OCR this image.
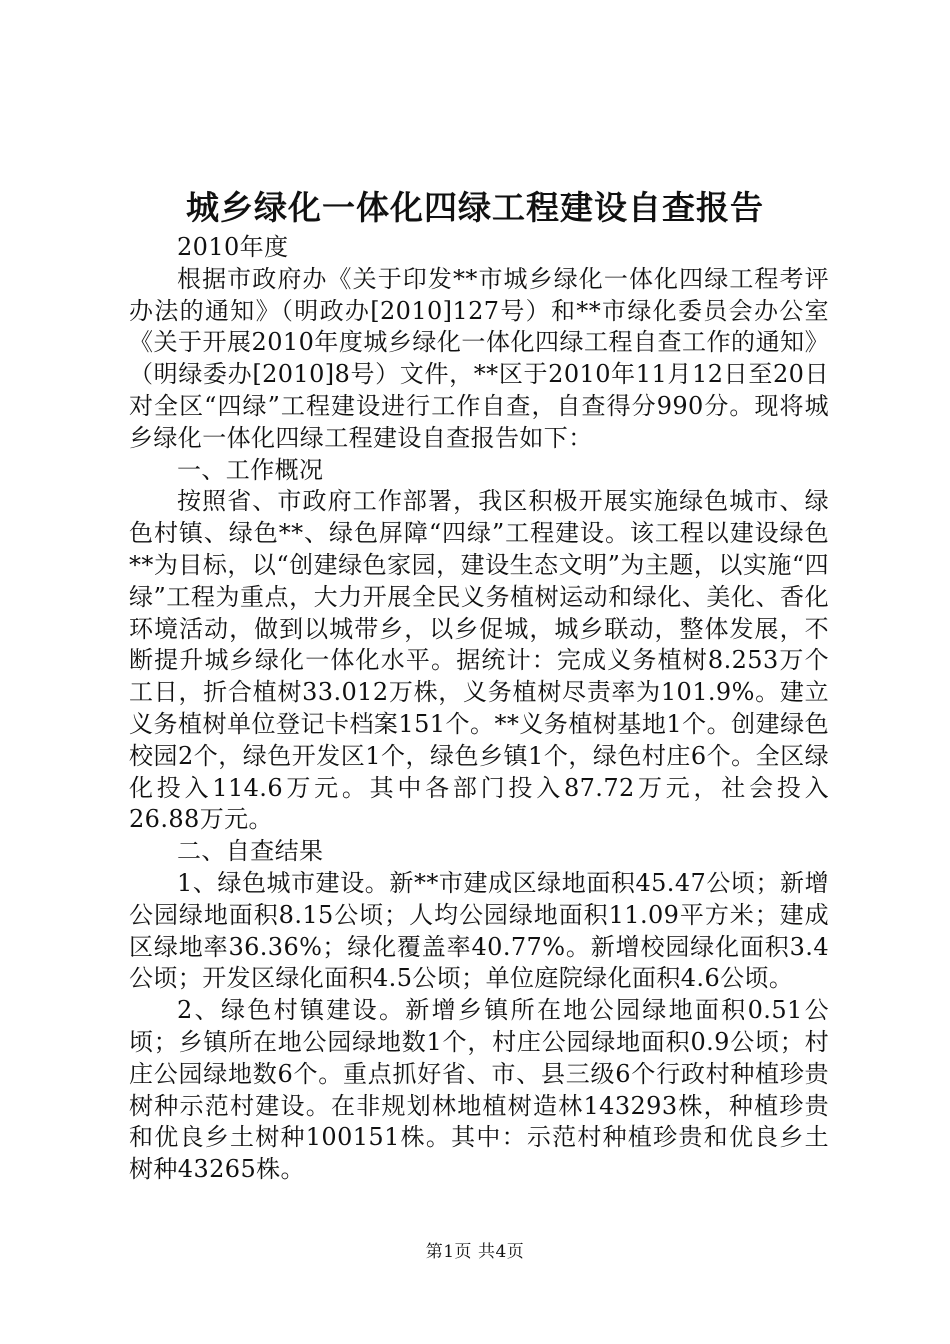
城乡绿化一体化四绿工程建设自查报告

2010年度

根据市政府办《关于印发**市城乡绿化一体化四绿工程考评办法的通知》（明政办[2010]127号）和**市绿化委员会办公室《关于开展2010年度城乡绿化一体化四绿工程自查工作的通知》（明绿委办[2010]8号）文件，**区于2010年11月12日至20日对全区“四绿”工程建设进行工作自查，自查得分990分。现将城乡绿化一体化四绿工程建设自查报告如下：

一、工作概况

按照省、市政府工作部署，我区积极开展实施绿色城市、绿色村镇、绿色**、绿色屏障“四绿”工程建设。该工程以建设绿色**为目标，以“创建绿色家园，建设生态文明”为主题，以实施“四绿”工程为重点，大力开展全民义务植树运动和绿化、美化、香化环境活动，做到以城带乡，以乡促城，城乡联动，整体发展，不断提升城乡绿化一体化水平。据统计：完成义务植树8.253万个工日，折合植树33.012万株，义务植树尽责率为101.9%。建立义务植树单位登记卡档案151个。**义务植树基地1个。创建绿色校园2个，绿色开发区1个，绿色乡镇1个，绿色村庄6个。全区绿化投入114.6万元。其中各部门投入87.72万元，社会投入26.88万元。

二、自查结果

1、绿色城市建设。新**市建成区绿地面积45.47公顷；新增公园绿地面积8.15公顷；人均公园绿地面积11.09平方米；建成区绿地率36.36%；绿化覆盖率40.77%。新增校园绿化面积3.4公顷；开发区绿化面积4.5公顷；单位庭院绿化面积4.6公顷。

2、绿色村镇建设。新增乡镇所在地公园绿地面积0.51公顷；乡镇所在地公园绿地数1个，村庄公园绿地面积0.9公顷；村庄公园绿地数6个。重点抓好省、市、县三级6个行政村种植珍贵树种示范村建设。在非规划林地植树造林143293株，种植珍贵和优良乡土树种100151株。其中：示范村种植珍贵和优良乡土树种43265株。

第1页 共4页
